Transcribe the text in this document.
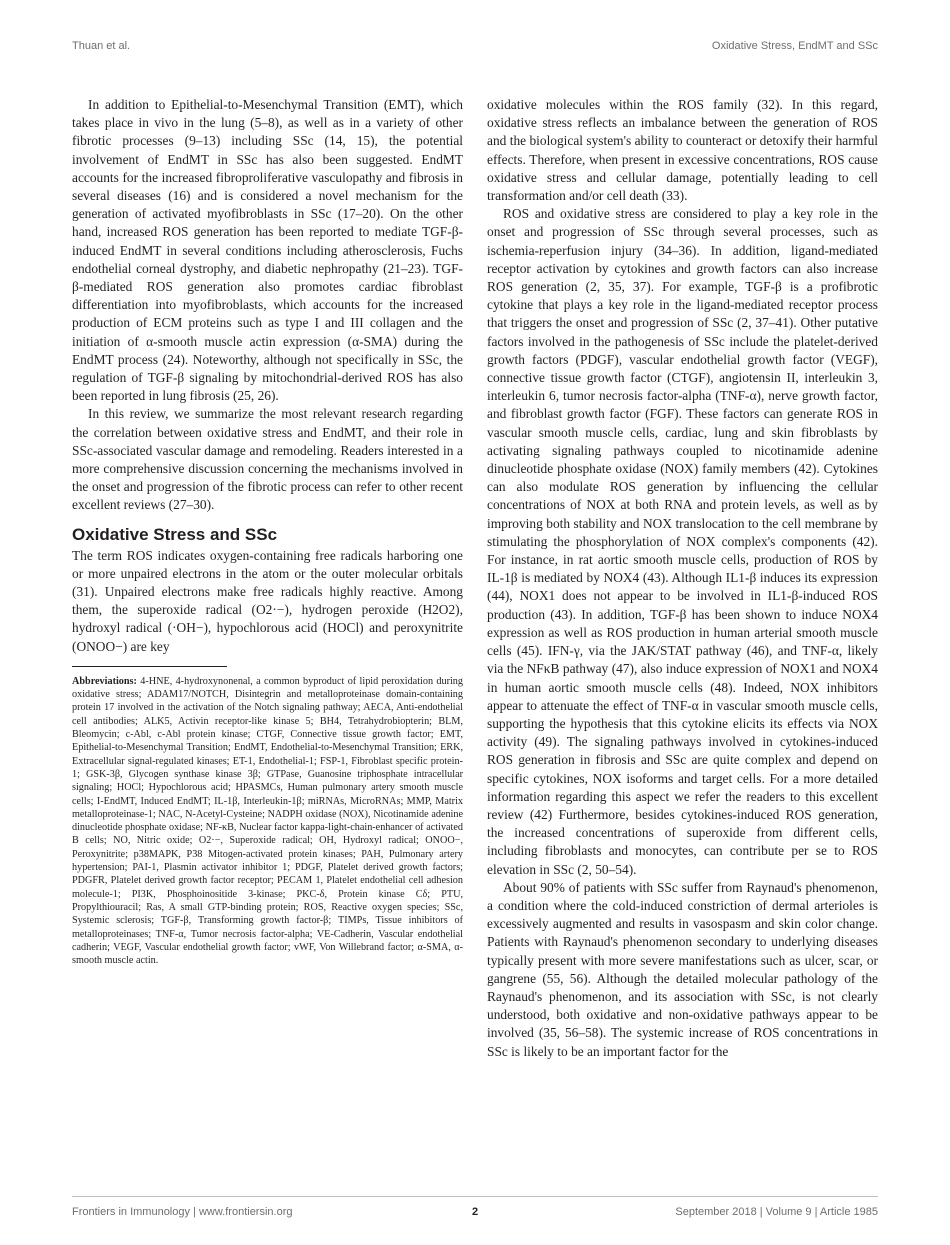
Thuan et al.	Oxidative Stress, EndMT and SSc

In addition to Epithelial-to-Mesenchymal Transition (EMT), which takes place in vivo in the lung (5–8), as well as in a variety of other fibrotic processes (9–13) including SSc (14, 15), the potential involvement of EndMT in SSc has also been suggested. EndMT accounts for the increased fibroproliferative vasculopathy and fibrosis in several diseases (16) and is considered a novel mechanism for the generation of activated myofibroblasts in SSc (17–20). On the other hand, increased ROS generation has been reported to mediate TGF-β-induced EndMT in several conditions including atherosclerosis, Fuchs endothelial corneal dystrophy, and diabetic nephropathy (21–23). TGF-β-mediated ROS generation also promotes cardiac fibroblast differentiation into myofibroblasts, which accounts for the increased production of ECM proteins such as type I and III collagen and the initiation of α-smooth muscle actin expression (α-SMA) during the EndMT process (24). Noteworthy, although not specifically in SSc, the regulation of TGF-β signaling by mitochondrial-derived ROS has also been reported in lung fibrosis (25, 26).

In this review, we summarize the most relevant research regarding the correlation between oxidative stress and EndMT, and their role in SSc-associated vascular damage and remodeling. Readers interested in a more comprehensive discussion concerning the mechanisms involved in the onset and progression of the fibrotic process can refer to other recent excellent reviews (27–30).

Oxidative Stress and SSc

The term ROS indicates oxygen-containing free radicals harboring one or more unpaired electrons in the atom or the outer molecular orbitals (31). Unpaired electrons make free radicals highly reactive. Among them, the superoxide radical (O2·−), hydrogen peroxide (H2O2), hydroxyl radical (·OH−), hypochlorous acid (HOCl) and peroxynitrite (ONOO−) are key

Abbreviations: 4-HNE, 4-hydroxynonenal, a common byproduct of lipid peroxidation during oxidative stress; ADAM17/NOTCH, Disintegrin and metalloproteinase domain-containing protein 17 involved in the activation of the Notch signaling pathway; AECA, Anti-endothelial cell antibodies; ALK5, Activin receptor-like kinase 5; BH4, Tetrahydrobiopterin; BLM, Bleomycin; c-Abl, c-Abl protein kinase; CTGF, Connective tissue growth factor; EMT, Epithelial-to-Mesenchymal Transition; EndMT, Endothelial-to-Mesenchymal Transition; ERK, Extracellular signal-regulated kinases; ET-1, Endothelial-1; FSP-1, Fibroblast specific protein-1; GSK-3β, Glycogen synthase kinase 3β; GTPase, Guanosine triphosphate intracellular signaling; HOCl; Hypochlorous acid; HPASMCs, Human pulmonary artery smooth muscle cells; I-EndMT, Induced EndMT; IL-1β, Interleukin-1β; miRNAs, MicroRNAs; MMP, Matrix metalloproteinase-1; NAC, N-Acetyl-Cysteine; NADPH oxidase (NOX), Nicotinamide adenine dinucleotide phosphate oxidase; NF-κB, Nuclear factor kappa-light-chain-enhancer of activated B cells; NO, Nitric oxide; O2·−, Superoxide radical; OH, Hydroxyl radical; ONOO−, Peroxynitrite; p38MAPK, P38 Mitogen-activated protein kinases; PAH, Pulmonary artery hypertension; PAI-1, Plasmin activator inhibitor 1; PDGF, Platelet derived growth factors; PDGFR, Platelet derived growth factor receptor; PECAM 1, Platelet endothelial cell adhesion molecule-1; PI3K, Phosphoinositide 3-kinase; PKC-δ, Protein kinase Cδ; PTU, Propylthiouracil; Ras, A small GTP-binding protein; ROS, Reactive oxygen species; SSc, Systemic sclerosis; TGF-β, Transforming growth factor-β; TIMPs, Tissue inhibitors of metalloproteinases; TNF-α, Tumor necrosis factor-alpha; VE-Cadherin, Vascular endothelial cadherin; VEGF, Vascular endothelial growth factor; vWF, Von Willebrand factor; α-SMA, α-smooth muscle actin.

oxidative molecules within the ROS family (32). In this regard, oxidative stress reflects an imbalance between the generation of ROS and the biological system's ability to counteract or detoxify their harmful effects. Therefore, when present in excessive concentrations, ROS cause oxidative stress and cellular damage, potentially leading to cell transformation and/or cell death (33).

ROS and oxidative stress are considered to play a key role in the onset and progression of SSc through several processes, such as ischemia-reperfusion injury (34–36). In addition, ligand-mediated receptor activation by cytokines and growth factors can also increase ROS generation (2, 35, 37). For example, TGF-β is a profibrotic cytokine that plays a key role in the ligand-mediated receptor process that triggers the onset and progression of SSc (2, 37–41). Other putative factors involved in the pathogenesis of SSc include the platelet-derived growth factors (PDGF), vascular endothelial growth factor (VEGF), connective tissue growth factor (CTGF), angiotensin II, interleukin 3, interleukin 6, tumor necrosis factor-alpha (TNF-α), nerve growth factor, and fibroblast growth factor (FGF). These factors can generate ROS in vascular smooth muscle cells, cardiac, lung and skin fibroblasts by activating signaling pathways coupled to nicotinamide adenine dinucleotide phosphate oxidase (NOX) family members (42). Cytokines can also modulate ROS generation by influencing the cellular concentrations of NOX at both RNA and protein levels, as well as by improving both stability and NOX translocation to the cell membrane by stimulating the phosphorylation of NOX complex's components (42). For instance, in rat aortic smooth muscle cells, production of ROS by IL-1β is mediated by NOX4 (43). Although IL1-β induces its expression (44), NOX1 does not appear to be involved in IL1-β-induced ROS production (43). In addition, TGF-β has been shown to induce NOX4 expression as well as ROS production in human arterial smooth muscle cells (45). IFN-γ, via the JAK/STAT pathway (46), and TNF-α, likely via the NFκB pathway (47), also induce expression of NOX1 and NOX4 in human aortic smooth muscle cells (48). Indeed, NOX inhibitors appear to attenuate the effect of TNF-α in vascular smooth muscle cells, supporting the hypothesis that this cytokine elicits its effects via NOX activity (49). The signaling pathways involved in cytokines-induced ROS generation in fibrosis and SSc are quite complex and depend on specific cytokines, NOX isoforms and target cells. For a more detailed information regarding this aspect we refer the readers to this excellent review (42) Furthermore, besides cytokines-induced ROS generation, the increased concentrations of superoxide from different cells, including fibroblasts and monocytes, can contribute per se to ROS elevation in SSc (2, 50–54).

About 90% of patients with SSc suffer from Raynaud's phenomenon, a condition where the cold-induced constriction of dermal arterioles is excessively augmented and results in vasospasm and skin color change. Patients with Raynaud's phenomenon secondary to underlying diseases typically present with more severe manifestations such as ulcer, scar, or gangrene (55, 56). Although the detailed molecular pathology of the Raynaud's phenomenon, and its association with SSc, is not clearly understood, both oxidative and non-oxidative pathways appear to be involved (35, 56–58). The systemic increase of ROS concentrations in SSc is likely to be an important factor for the

Frontiers in Immunology | www.frontiersin.org	2	September 2018 | Volume 9 | Article 1985
